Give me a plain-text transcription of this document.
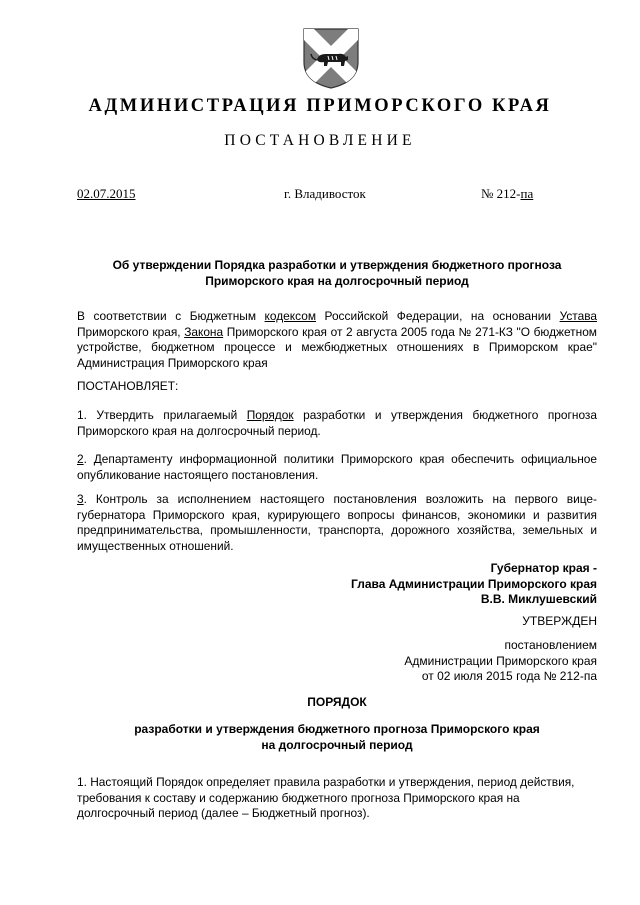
АДМИНИСТРАЦИЯ ПРИМОРСКОГО КРАЯ
ПОСТАНОВЛЕНИЕ
02.07.2015	г. Владивосток	№ 212-па
Об утверждении Порядка разработки и утверждения бюджетного прогноза
Приморского края на долгосрочный период
В соответствии с Бюджетным кодексом Российской Федерации, на основании Устава Приморского края, Закона Приморского края от 2 августа 2005 года № 271-КЗ "О бюджетном устройстве, бюджетном процессе и межбюджетных отношениях в Приморском крае" Администрация Приморского края
ПОСТАНОВЛЯЕТ:
1. Утвердить прилагаемый Порядок разработки и утверждения бюджетного прогноза Приморского края на долгосрочный период.
2. Департаменту информационной политики Приморского края обеспечить официальное опубликование настоящего постановления.
3. Контроль за исполнением настоящего постановления возложить на первого вице-губернатора Приморского края, курирующего вопросы финансов, экономики и развития предпринимательства, промышленности, транспорта, дорожного хозяйства, земельных и имущественных отношений.
Губернатор края -
Глава Администрации Приморского края
В.В. Миклушевский
УТВЕРЖДЕН
постановлением
Администрации Приморского края
от 02 июля 2015 года № 212-па
ПОРЯДОК
разработки и утверждения бюджетного прогноза Приморского края
на долгосрочный период
1. Настоящий Порядок определяет правила разработки и утверждения, период действия, требования к составу и содержанию бюджетного прогноза Приморского края на долгосрочный период (далее – Бюджетный прогноз).
